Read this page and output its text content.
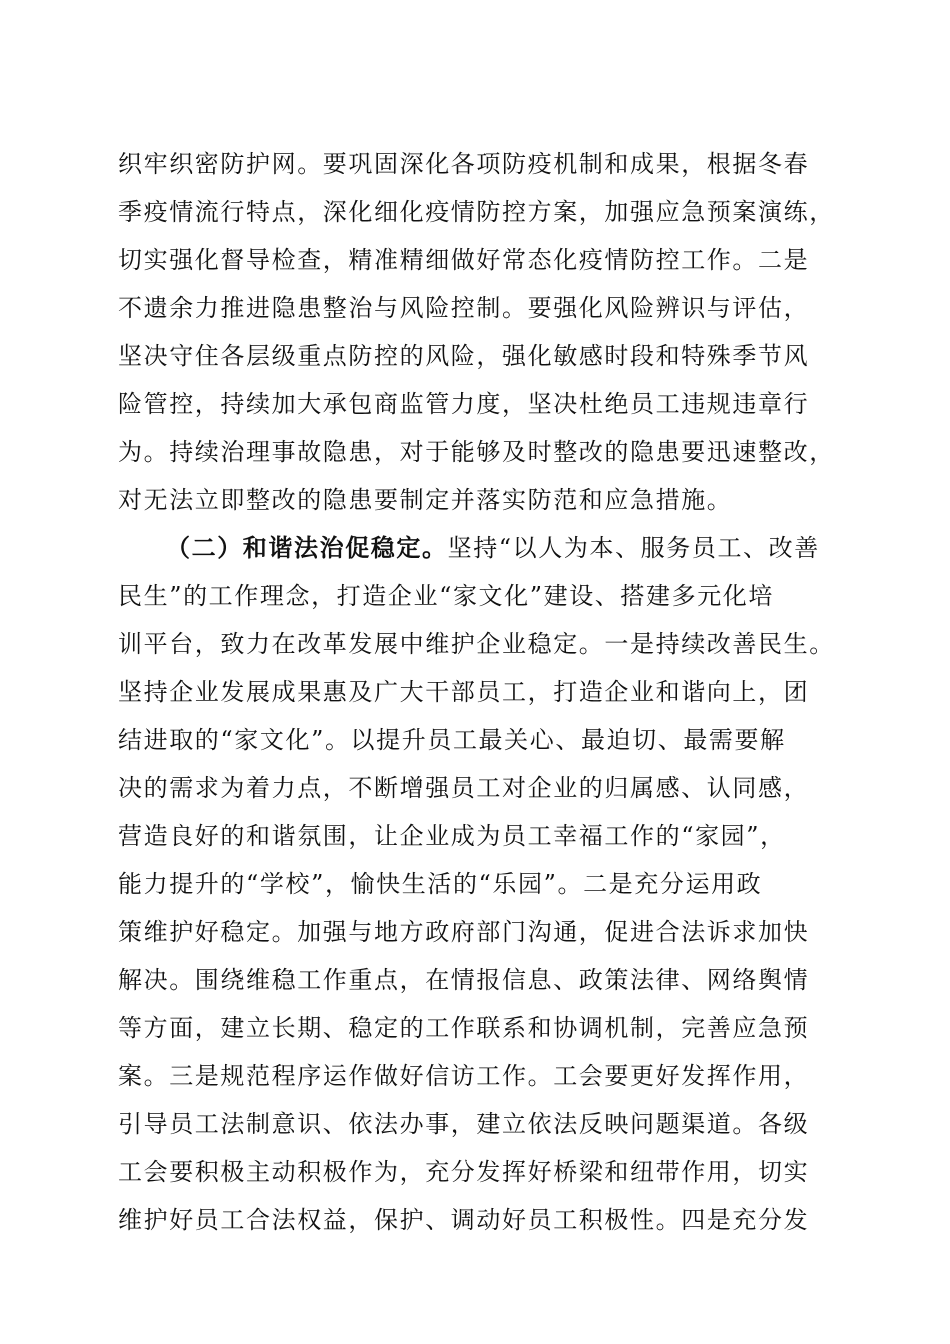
织牢织密防护网。要巩固深化各项防疫机制和成果，根据冬春
季疫情流行特点，深化细化疫情防控方案，加强应急预案演练，
切实强化督导检查，精准精细做好常态化疫情防控工作。二是
不遗余力推进隐患整治与风险控制。要强化风险辨识与评估，
坚决守住各层级重点防控的风险，强化敏感时段和特殊季节风
险管控，持续加大承包商监管力度，坚决杜绝员工违规违章行
为。持续治理事故隐患，对于能够及时整改的隐患要迅速整改，
对无法立即整改的隐患要制定并落实防范和应急措施。
（二）和谐法治促稳定。坚持“以人为本、服务员工、改善
民生”的工作理念，打造企业“家文化”建设、搭建多元化培
训平台，致力在改革发展中维护企业稳定。一是持续改善民生。
坚持企业发展成果惠及广大干部员工，打造企业和谐向上，团
结进取的“家文化”。以提升员工最关心、最迫切、最需要解
决的需求为着力点，不断增强员工对企业的归属感、认同感，
营造良好的和谐氛围，让企业成为员工幸福工作的“家园”，
能力提升的“学校”，愉快生活的“乐园”。二是充分运用政
策维护好稳定。加强与地方政府部门沟通，促进合法诉求加快
解决。围绕维稳工作重点，在情报信息、政策法律、网络舆情
等方面，建立长期、稳定的工作联系和协调机制，完善应急预
案。三是规范程序运作做好信访工作。工会要更好发挥作用，
引导员工法制意识、依法办事，建立依法反映问题渠道。各级
工会要积极主动积极作为，充分发挥好桥梁和纽带作用，切实
维护好员工合法权益，保护、调动好员工积极性。四是充分发
